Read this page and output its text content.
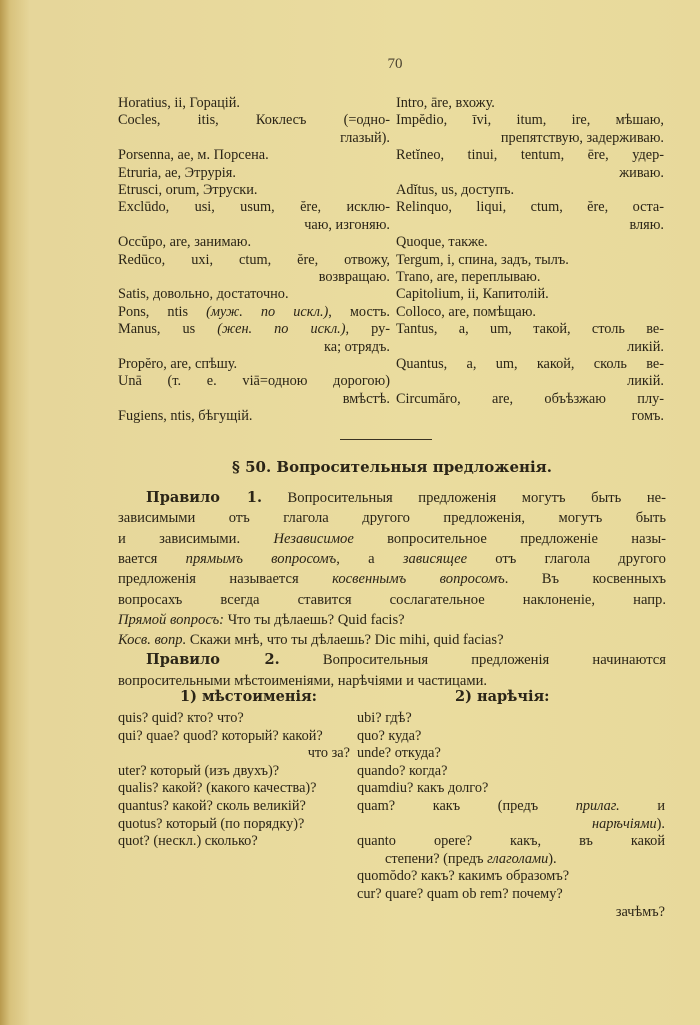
70
Horatius, ii, Горацій.
Cocles, itis, Коклесъ (=одно-
глазый).
Porsenna, ae, м. Порсена.
Etruria, ae, Этрурія.
Etrusci, orum, Этруски.
Exclūdo, usi, usum, ĕre, исклю-
чаю, изгоняю.
Occŭpo, are, занимаю.
Redūco, uxi, ctum, ĕre, отвожу,
возвращаю.
Satis, довольно, достаточно.
Pons, ntis (муж. по искл.), мостъ.
Manus, us (жен. по искл.), ру-
ка; отрядъ.
Propĕro, are, спѣшу.
Unā (т. е. viā=одною дорогою)
вмѣстѣ.
Fugiens, ntis, бѣгущій.
Intro, āre, вхожу.
Impĕdio, īvi, itum, ire, мѣшаю,
препятствую, задерживаю.
Retĭneo, tinui, tentum, ēre, удер-
живаю.
Adĭtus, us, доступъ.
Relinquo, liqui, ctum, ĕre, оста-
вляю.
Quoque, также.
Tergum, i, спина, задъ, тылъ.
Trano, are, переплываю.
Capitolium, ii, Капитолій.
Colloco, are, помѣщаю.
Tantus, a, um, такой, столь ве-
ликій.
Quantus, a, um, какой, сколь ве-
ликій.
Circumăro, are, объѣзжаю плу-
гомъ.
§ 50. Вопросительныя предложенія.
Правило 1. Вопросительныя предложенія могутъ быть не-
зависимыми отъ глагола другого предложенія, могутъ быть
и зависимыми. Независимое вопросительное предложеніе назы-
вается прямымъ вопросомъ, а зависящее отъ глагола другого
предложенія называется косвеннымъ вопросомъ. Въ косвенныхъ
вопросахъ всегда ставится сослагательное наклоненіе, напр.
Прямой вопросъ: Что ты дѣлаешь? Quid facis?
Косв. вопр. Скажи мнѣ, что ты дѣлаешь? Dic mihi, quid facias?
Правило 2. Вопросительныя предложенія начинаются
вопросительными мѣстоименіями, нарѣчіями и частицами.
1) мѣстоименія:	2) нарѣчія:
quis? quid? кто? что?
qui? quae? quod? который? какой?
что за?
uter? который (изъ двухъ)?
qualis? какой? (какого качества)?
quantus? какой? сколь великій?
quotus? который (по порядку)?
quot? (нескл.) сколько?
ubi? гдѣ?
quo? куда?
unde? откуда?
quando? когда?
quamdiu? какъ долго?
quam? какъ (предъ прилаг. и
нарѣчіями).
quanto opere? какъ, въ какой
степени? (предъ глаголами).
quomŏdo? какъ? какимъ образомъ?
cur? quare? quam ob rem? почему?
зачѣмъ?
